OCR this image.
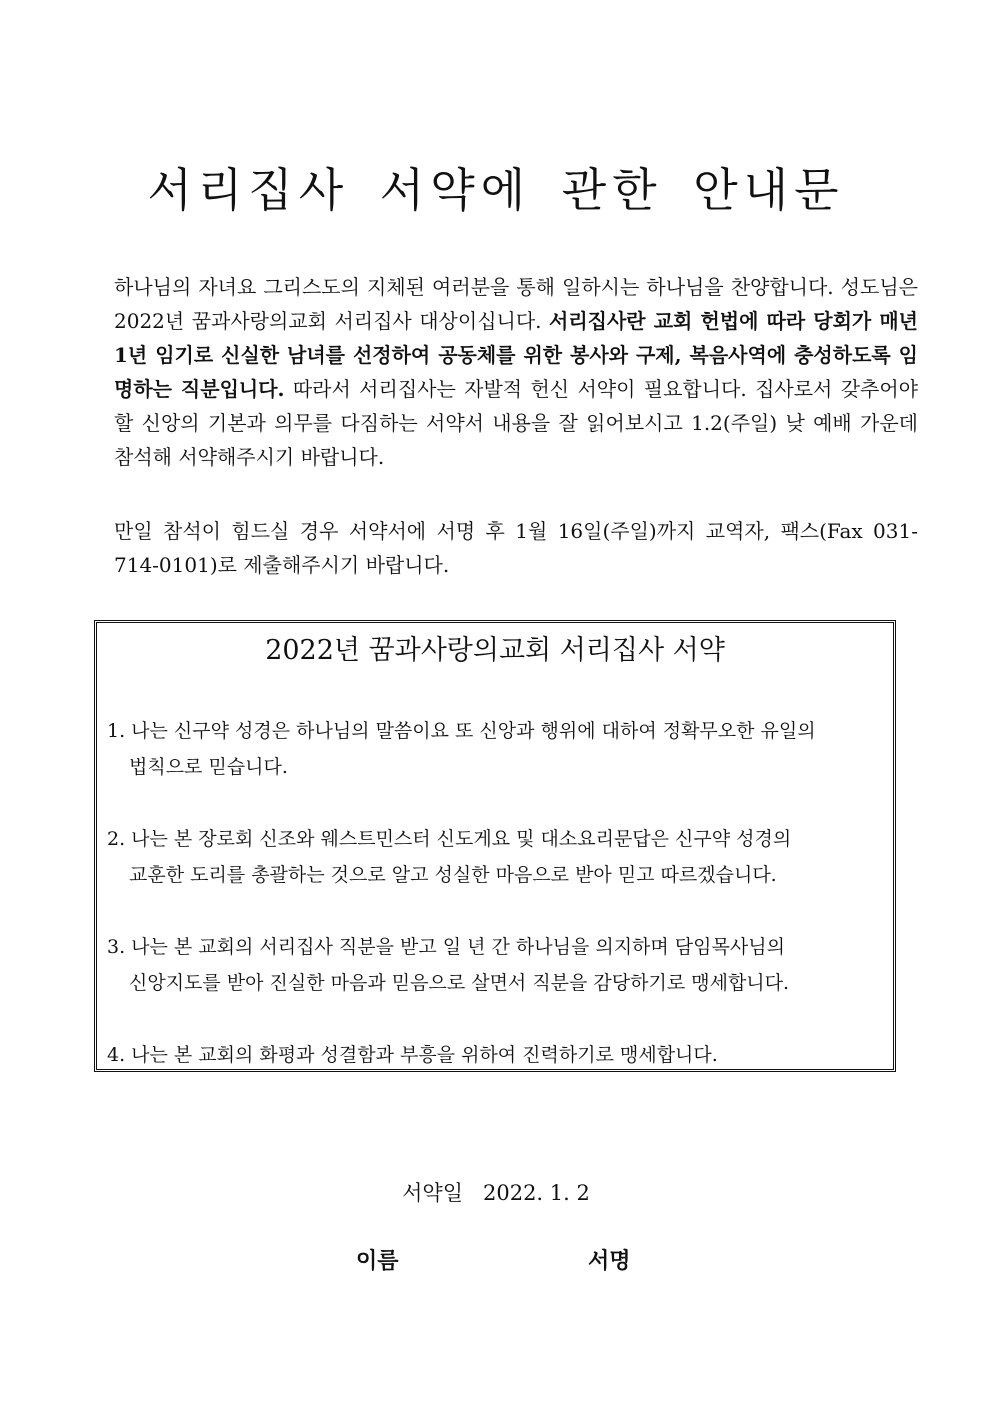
서리집사 서약에 관한 안내문
하나님의 자녀요 그리스도의 지체된 여러분을 통해 일하시는 하나님을 찬양합니다. 성도님은 2022년 꿈과사랑의교회 서리집사 대상이십니다. 서리집사란 교회 헌법에 따라 당회가 매년 1년 임기로 신실한 남녀를 선정하여 공동체를 위한 봉사와 구제, 복음사역에 충성하도록 임명하는 직분입니다. 따라서 서리집사는 자발적 헌신 서약이 필요합니다. 집사로서 갖추어야할 신앙의 기본과 의무를 다짐하는 서약서 내용을 잘 읽어보시고 1.2(주일) 낮 예배 가운데 참석해 서약해주시기 바랍니다.
만일 참석이 힘드실 경우 서약서에 서명 후 1월 16일(주일)까지 교역자, 팩스(Fax 031-714-0101)로 제출해주시기 바랍니다.
2022년 꿈과사랑의교회 서리집사 서약
1. 나는 신구약 성경은 하나님의 말씀이요 또 신앙과 행위에 대하여 정확무오한 유일의
법칙으로 믿습니다.
2. 나는 본 장로회 신조와 웨스트민스터 신도게요 및 대소요리문답은 신구약 성경의
교훈한 도리를 총괄하는 것으로 알고 성실한 마음으로 받아 믿고 따르겠습니다.
3. 나는 본 교회의 서리집사 직분을 받고 일 년 간 하나님을 의지하며 담임목사님의
신앙지도를 받아 진실한 마음과 믿음으로 살면서 직분을 감당하기로 맹세합니다.
4. 나는 본 교회의 화평과 성결함과 부흥을 위하여 진력하기로 맹세합니다.
서약일 2022. 1. 2
이름	서명
